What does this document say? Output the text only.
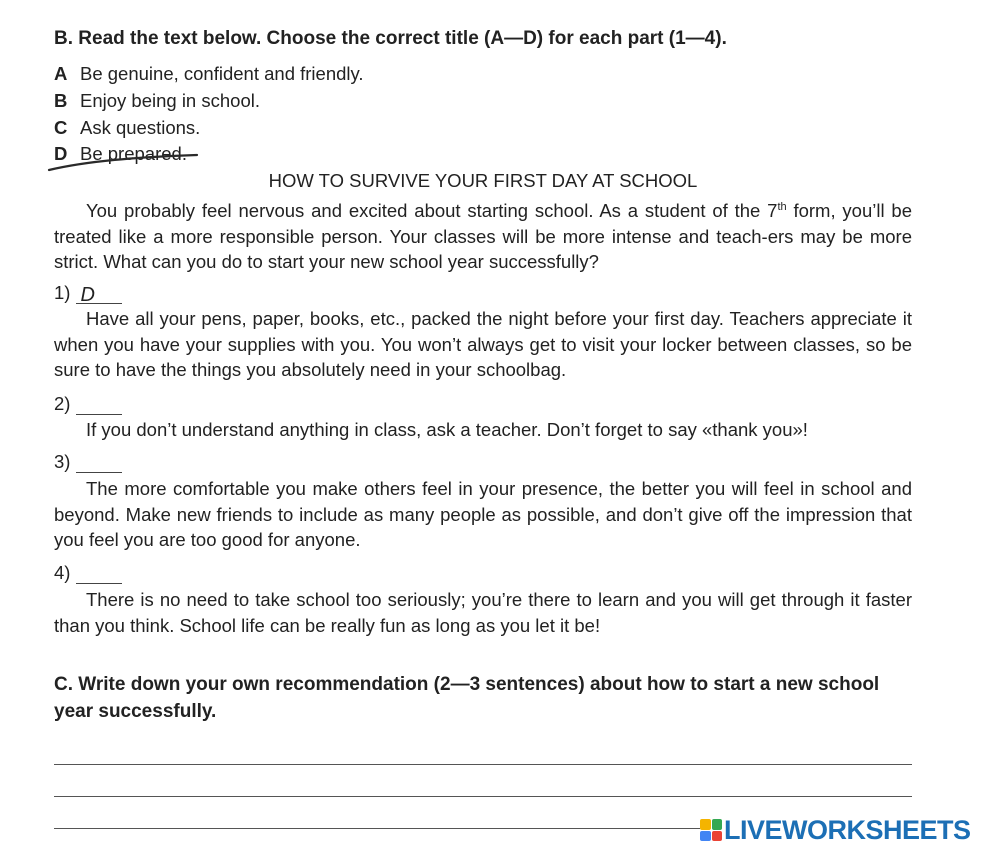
B. Read the text below. Choose the correct title (A—D) for each part (1—4).
A Be genuine, confident and friendly.
B Enjoy being in school.
C Ask questions.
D Be prepared.
HOW TO SURVIVE YOUR FIRST DAY AT SCHOOL

You probably feel nervous and excited about starting school. As a student of the 7th form, you’ll be treated like a more responsible person. Your classes will be more intense and teach-ers may be more strict. What can you do to start your new school year successfully?

1) D

Have all your pens, paper, books, etc., packed the night before your first day. Teachers appreciate it when you have your supplies with you. You won’t always get to visit your locker between classes, so be sure to have the things you absolutely need in your schoolbag.

2)

If you don’t understand anything in class, ask a teacher. Don’t forget to say «thank you»!

3)

The more comfortable you make others feel in your presence, the better you will feel in school and beyond. Make new friends to include as many people as possible, and don’t give off the impression that you feel you are too good for anyone.

4)

There is no need to take school too seriously; you’re there to learn and you will get through it faster than you think. School life can be really fun as long as you let it be!

C. Write down your own recommendation (2—3 sentences) about how to start a new school year successfully.
LIVEWORKSHEETS
